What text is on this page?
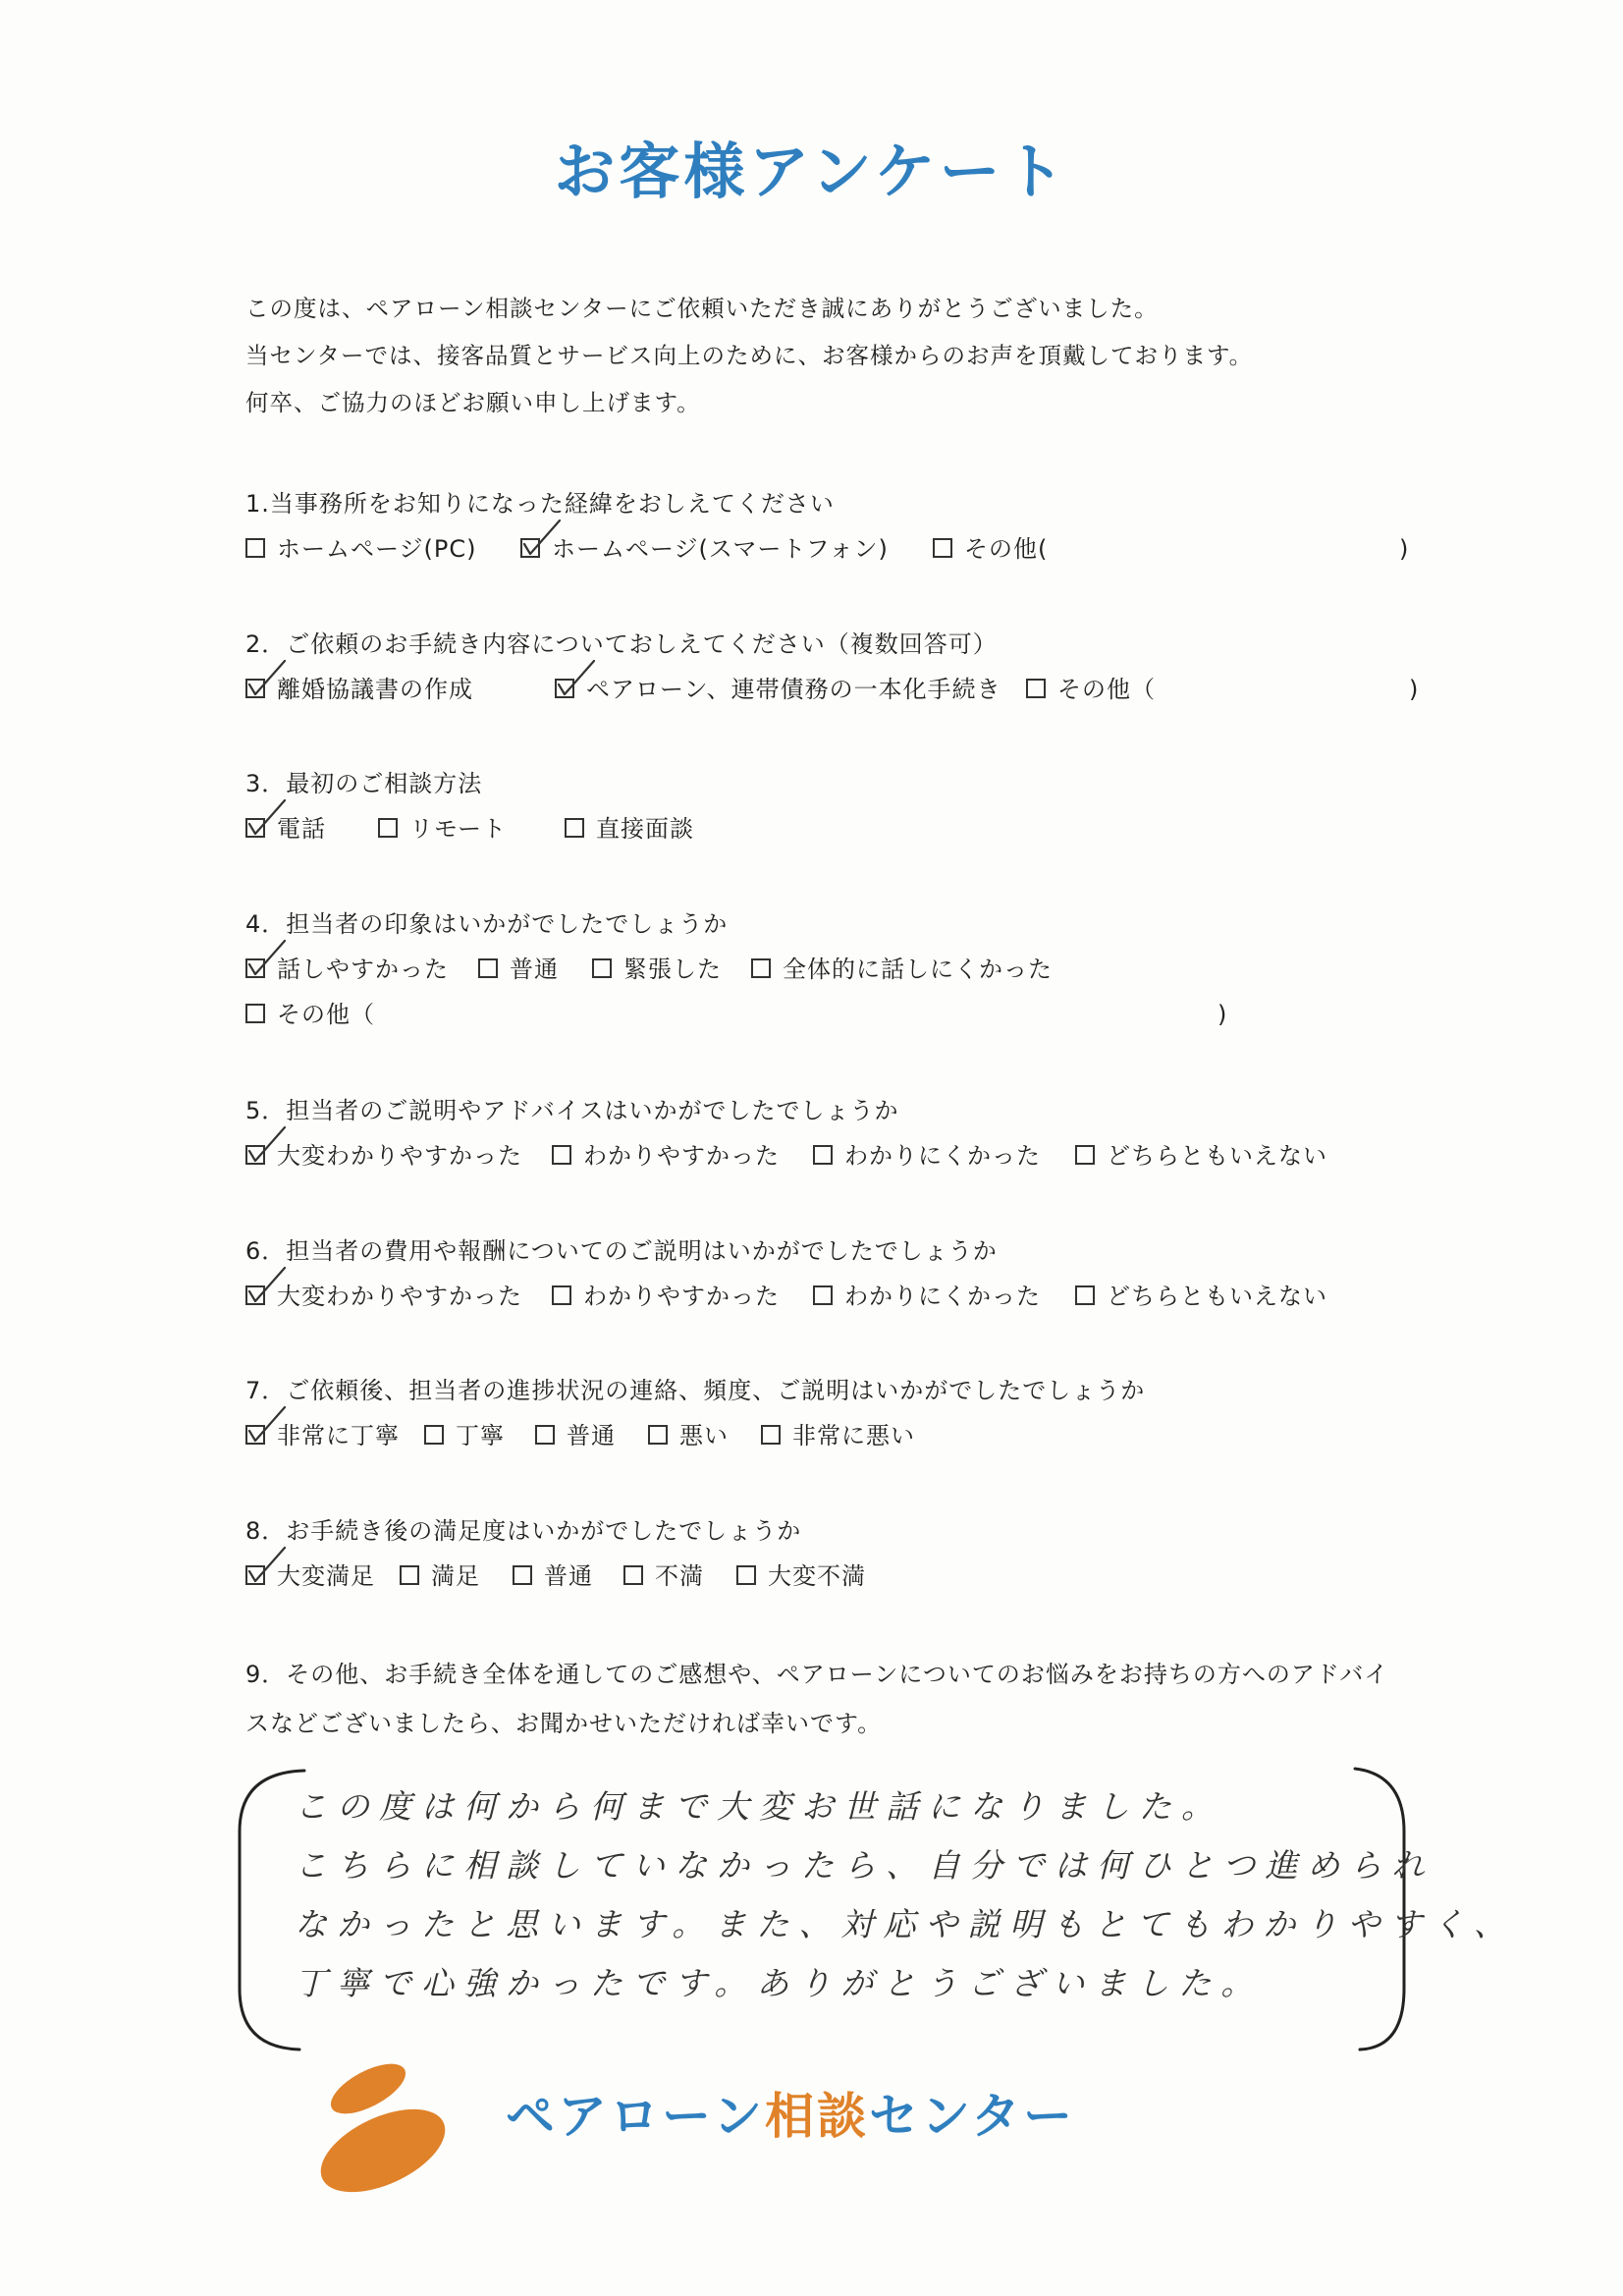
お客様アンケート
この度は、ペアローン相談センターにご依頼いただき誠にありがとうございました。
当センターでは、接客品質とサービス向上のために、お客様からのお声を頂戴しております。
何卒、ご協力のほどお願い申し上げます。
1.当事務所をお知りになった経緯をおしえてください
ホームページ(PC)	ホームページ(スマートフォン)	その他(	)
2．ご依頼のお手続き内容についておしえてください（複数回答可）
離婚協議書の作成	ペアローン、連帯債務の一本化手続き	その他（	)
3．最初のご相談方法
電話	リモート	直接面談
4．担当者の印象はいかがでしたでしょうか
話しやすかった	普通	緊張した	全体的に話しにくかった
その他（	)
5．担当者のご説明やアドバイスはいかがでしたでしょうか
大変わかりやすかった	わかりやすかった	わかりにくかった	どちらともいえない
6．担当者の費用や報酬についてのご説明はいかがでしたでしょうか
大変わかりやすかった	わかりやすかった	わかりにくかった	どちらともいえない
7．ご依頼後、担当者の進捗状況の連絡、頻度、ご説明はいかがでしたでしょうか
非常に丁寧	丁寧	普通	悪い	非常に悪い
8．お手続き後の満足度はいかがでしたでしょうか
大変満足	満足	普通	不満	大変不満
9．その他、お手続き全体を通してのご感想や、ペアローンについてのお悩みをお持ちの方へのアドバイ
スなどございましたら、お聞かせいただければ幸いです。
この度は何から何まで大変お世話になりました。
こちらに相談していなかったら、自分では何ひとつ進められ
なかったと思います。また、対応や説明もとてもわかりやすく、
丁寧で心強かったです。ありがとうございました。
ペアローン相談センター
